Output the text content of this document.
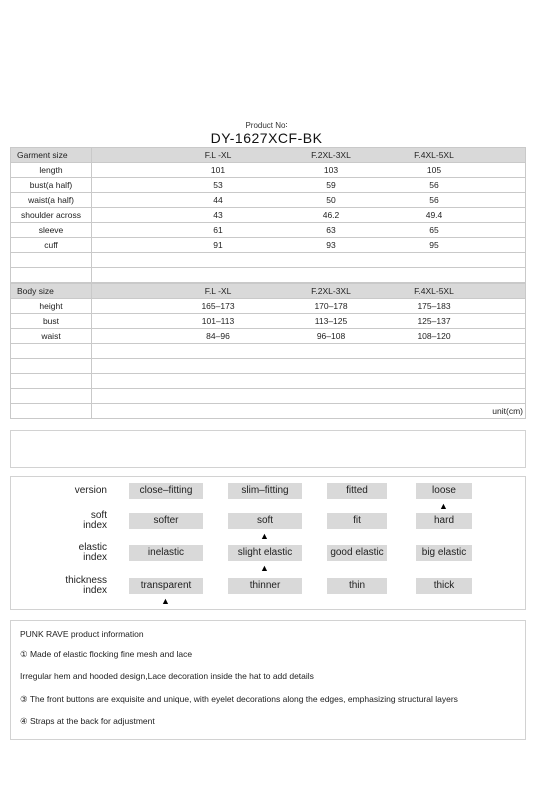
Product No∶
DY-1627XCF-BK
Garment size	F.L -XL F.2XL-3XL F.4XL-5XL

length	101 103 105

bust(a half)	53 59 56

waist(a half)	44 50 56

shoulder across	43 46.2 49.4

sleeve	61 63 65

cuff	91 93 95

Body size	F.L -XL F.2XL-3XL F.4XL-5XL

height	165–173 170–178 175–183

bust	101–113 113–125 125–137

waist	84–96 96–108 108–120

	unit(cm)
version	close–fitting	slim–fitting	fitted	loose
▲
soft
index	softer	soft	fit	hard
▲
elastic
index	inelastic	slight elastic	good elastic	big elastic
▲
thickness
index	transparent	thinner	thin	thick
▲
PUNK RAVE product information
① Made of elastic flocking fine mesh and lace
Irregular hem and hooded design,Lace decoration inside the hat to add details
③ The front buttons are exquisite and unique, with eyelet decorations along the edges, emphasizing structural layers
④ Straps at the back for adjustment
